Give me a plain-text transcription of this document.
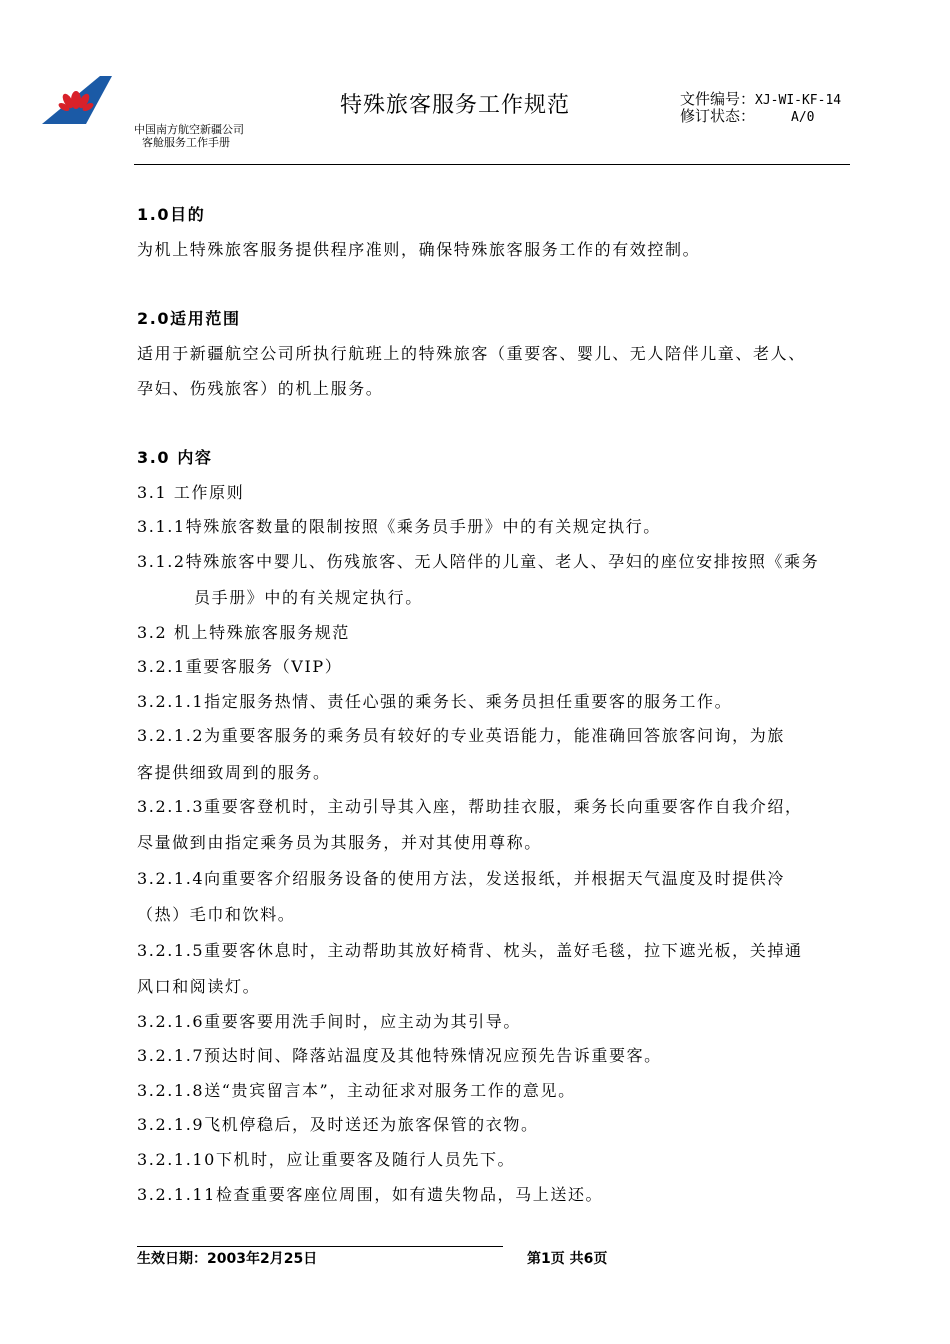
中国南方航空新疆公司
客舱服务工作手册
特殊旅客服务工作规范	文件编号：XJ-WI-KF-14
修订状态：	A/0
1.0目的
为机上特殊旅客服务提供程序准则，确保特殊旅客服务工作的有效控制。
2.0适用范围
适用于新疆航空公司所执行航班上的特殊旅客（重要客、婴儿、无人陪伴儿童、老人、
孕妇、伤残旅客）的机上服务。
3.0 内容
3.1 工作原则
3.1.1特殊旅客数量的限制按照《乘务员手册》中的有关规定执行。
3.1.2特殊旅客中婴儿、伤残旅客、无人陪伴的儿童、老人、孕妇的座位安排按照《乘务
员手册》中的有关规定执行。
3.2 机上特殊旅客服务规范
3.2.1重要客服务（VIP）
3.2.1.1指定服务热情、责任心强的乘务长、乘务员担任重要客的服务工作。
3.2.1.2为重要客服务的乘务员有较好的专业英语能力，能准确回答旅客问询，为旅
客提供细致周到的服务。
3.2.1.3重要客登机时，主动引导其入座，帮助挂衣服，乘务长向重要客作自我介绍，
尽量做到由指定乘务员为其服务，并对其使用尊称。
3.2.1.4向重要客介绍服务设备的使用方法，发送报纸，并根据天气温度及时提供冷
（热）毛巾和饮料。
3.2.1.5重要客休息时，主动帮助其放好椅背、枕头，盖好毛毯，拉下遮光板，关掉通
风口和阅读灯。
3.2.1.6重要客要用洗手间时，应主动为其引导。
3.2.1.7预达时间、降落站温度及其他特殊情况应预先告诉重要客。
3.2.1.8送“贵宾留言本”，主动征求对服务工作的意见。
3.2.1.9飞机停稳后，及时送还为旅客保管的衣物。
3.2.1.10下机时，应让重要客及随行人员先下。
3.2.1.11检查重要客座位周围，如有遗失物品，马上送还。
生效日期：2003年2月25日	第1页 共6页
